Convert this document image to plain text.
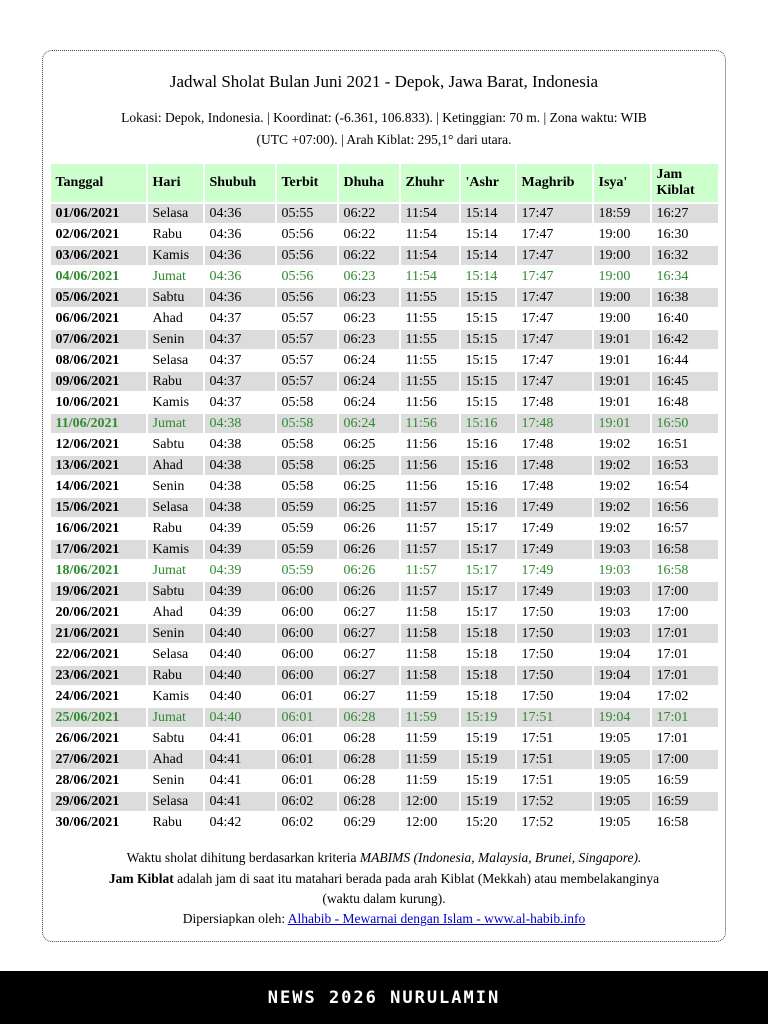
Jadwal Sholat Bulan Juni 2021 - Depok, Jawa Barat, Indonesia

Lokasi: Depok, Indonesia. | Koordinat: (-6.361, 106.833). | Ketinggian: 70 m. | Zona waktu: WIB
(UTC +07:00). | Arah Kiblat: 295,1° dari utara.

Tanggal	Hari	Shubuh	Terbit	Dhuha	Zhuhr	'Ashr	Maghrib	Isya'	Jam Kiblat
01/06/2021	Selasa	04:36	05:55	06:22	11:54	15:14	17:47	18:59	16:27
02/06/2021	Rabu	04:36	05:56	06:22	11:54	15:14	17:47	19:00	16:30
03/06/2021	Kamis	04:36	05:56	06:22	11:54	15:14	17:47	19:00	16:32
04/06/2021	Jumat	04:36	05:56	06:23	11:54	15:14	17:47	19:00	16:34
05/06/2021	Sabtu	04:36	05:56	06:23	11:55	15:15	17:47	19:00	16:38
06/06/2021	Ahad	04:37	05:57	06:23	11:55	15:15	17:47	19:00	16:40
07/06/2021	Senin	04:37	05:57	06:23	11:55	15:15	17:47	19:01	16:42
08/06/2021	Selasa	04:37	05:57	06:24	11:55	15:15	17:47	19:01	16:44
09/06/2021	Rabu	04:37	05:57	06:24	11:55	15:15	17:47	19:01	16:45
10/06/2021	Kamis	04:37	05:58	06:24	11:56	15:15	17:48	19:01	16:48
11/06/2021	Jumat	04:38	05:58	06:24	11:56	15:16	17:48	19:01	16:50
12/06/2021	Sabtu	04:38	05:58	06:25	11:56	15:16	17:48	19:02	16:51
13/06/2021	Ahad	04:38	05:58	06:25	11:56	15:16	17:48	19:02	16:53
14/06/2021	Senin	04:38	05:58	06:25	11:56	15:16	17:48	19:02	16:54
15/06/2021	Selasa	04:38	05:59	06:25	11:57	15:16	17:49	19:02	16:56
16/06/2021	Rabu	04:39	05:59	06:26	11:57	15:17	17:49	19:02	16:57
17/06/2021	Kamis	04:39	05:59	06:26	11:57	15:17	17:49	19:03	16:58
18/06/2021	Jumat	04:39	05:59	06:26	11:57	15:17	17:49	19:03	16:58
19/06/2021	Sabtu	04:39	06:00	06:26	11:57	15:17	17:49	19:03	17:00
20/06/2021	Ahad	04:39	06:00	06:27	11:58	15:17	17:50	19:03	17:00
21/06/2021	Senin	04:40	06:00	06:27	11:58	15:18	17:50	19:03	17:01
22/06/2021	Selasa	04:40	06:00	06:27	11:58	15:18	17:50	19:04	17:01
23/06/2021	Rabu	04:40	06:00	06:27	11:58	15:18	17:50	19:04	17:01
24/06/2021	Kamis	04:40	06:01	06:27	11:59	15:18	17:50	19:04	17:02
25/06/2021	Jumat	04:40	06:01	06:28	11:59	15:19	17:51	19:04	17:01
26/06/2021	Sabtu	04:41	06:01	06:28	11:59	15:19	17:51	19:05	17:01
27/06/2021	Ahad	04:41	06:01	06:28	11:59	15:19	17:51	19:05	17:00
28/06/2021	Senin	04:41	06:01	06:28	11:59	15:19	17:51	19:05	16:59
29/06/2021	Selasa	04:41	06:02	06:28	12:00	15:19	17:52	19:05	16:59
30/06/2021	Rabu	04:42	06:02	06:29	12:00	15:20	17:52	19:05	16:58

Waktu sholat dihitung berdasarkan kriteria MABIMS (Indonesia, Malaysia, Brunei, Singapore).
Jam Kiblat adalah jam di saat itu matahari berada pada arah Kiblat (Mekkah) atau membelakanginya
(waktu dalam kurung).
Dipersiapkan oleh: Alhabib - Mewarnai dengan Islam - www.al-habib.info

NEWS 2026 NURULAMIN
